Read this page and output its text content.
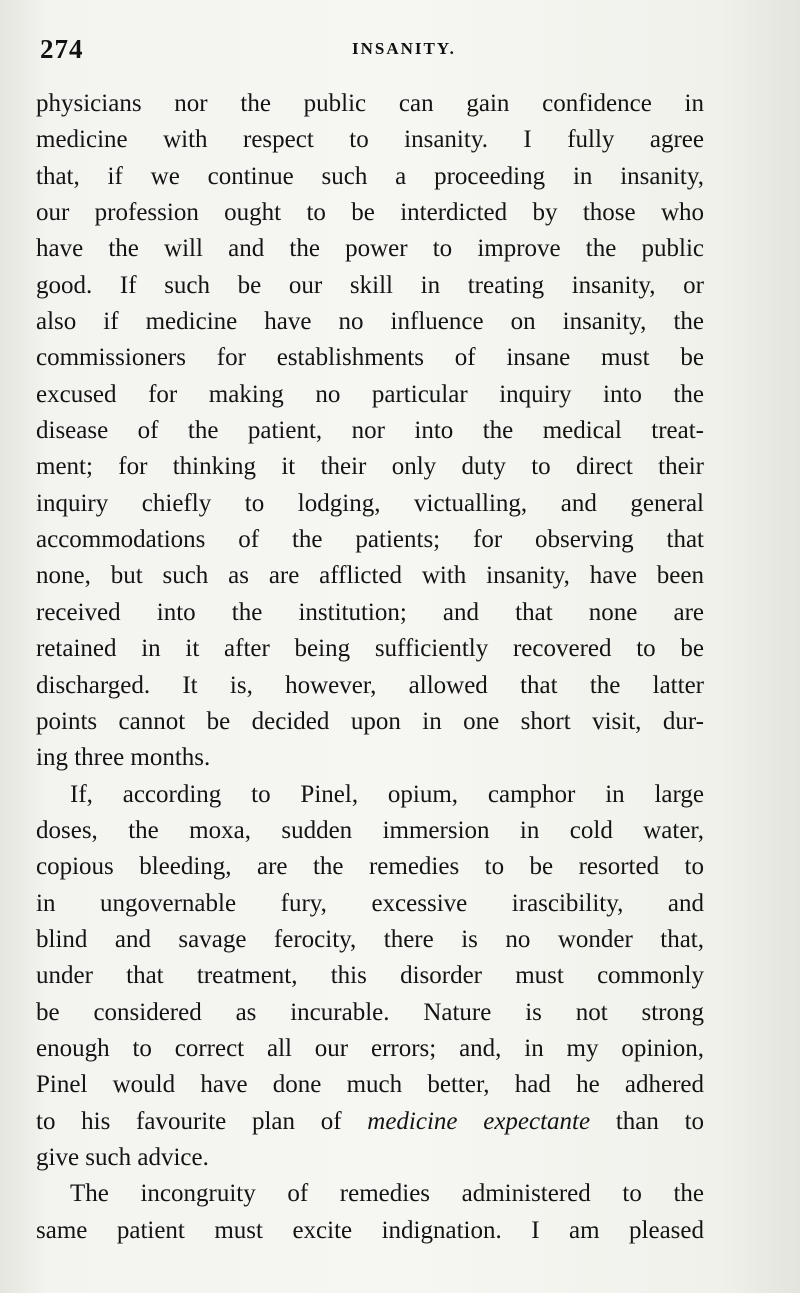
274	INSANITY.
physicians nor the public can gain confidence in
medicine with respect to insanity. I fully agree
that, if we continue such a proceeding in insanity,
our profession ought to be interdicted by those who
have the will and the power to improve the public
good. If such be our skill in treating insanity, or
also if medicine have no influence on insanity, the
commissioners for establishments of insane must be
excused for making no particular inquiry into the
disease of the patient, nor into the medical treat-
ment; for thinking it their only duty to direct their
inquiry chiefly to lodging, victualling, and general
accommodations of the patients; for observing that
none, but such as are afflicted with insanity, have been
received into the institution; and that none are
retained in it after being sufficiently recovered to be
discharged. It is, however, allowed that the latter
points cannot be decided upon in one short visit, dur-
ing three months.
If, according to Pinel, opium, camphor in large
doses, the moxa, sudden immersion in cold water,
copious bleeding, are the remedies to be resorted to
in ungovernable fury, excessive irascibility, and
blind and savage ferocity, there is no wonder that,
under that treatment, this disorder must commonly
be considered as incurable. Nature is not strong
enough to correct all our errors; and, in my opinion,
Pinel would have done much better, had he adhered
to his favourite plan of medicine expectante than to
give such advice.
The incongruity of remedies administered to the
same patient must excite indignation. I am pleased
